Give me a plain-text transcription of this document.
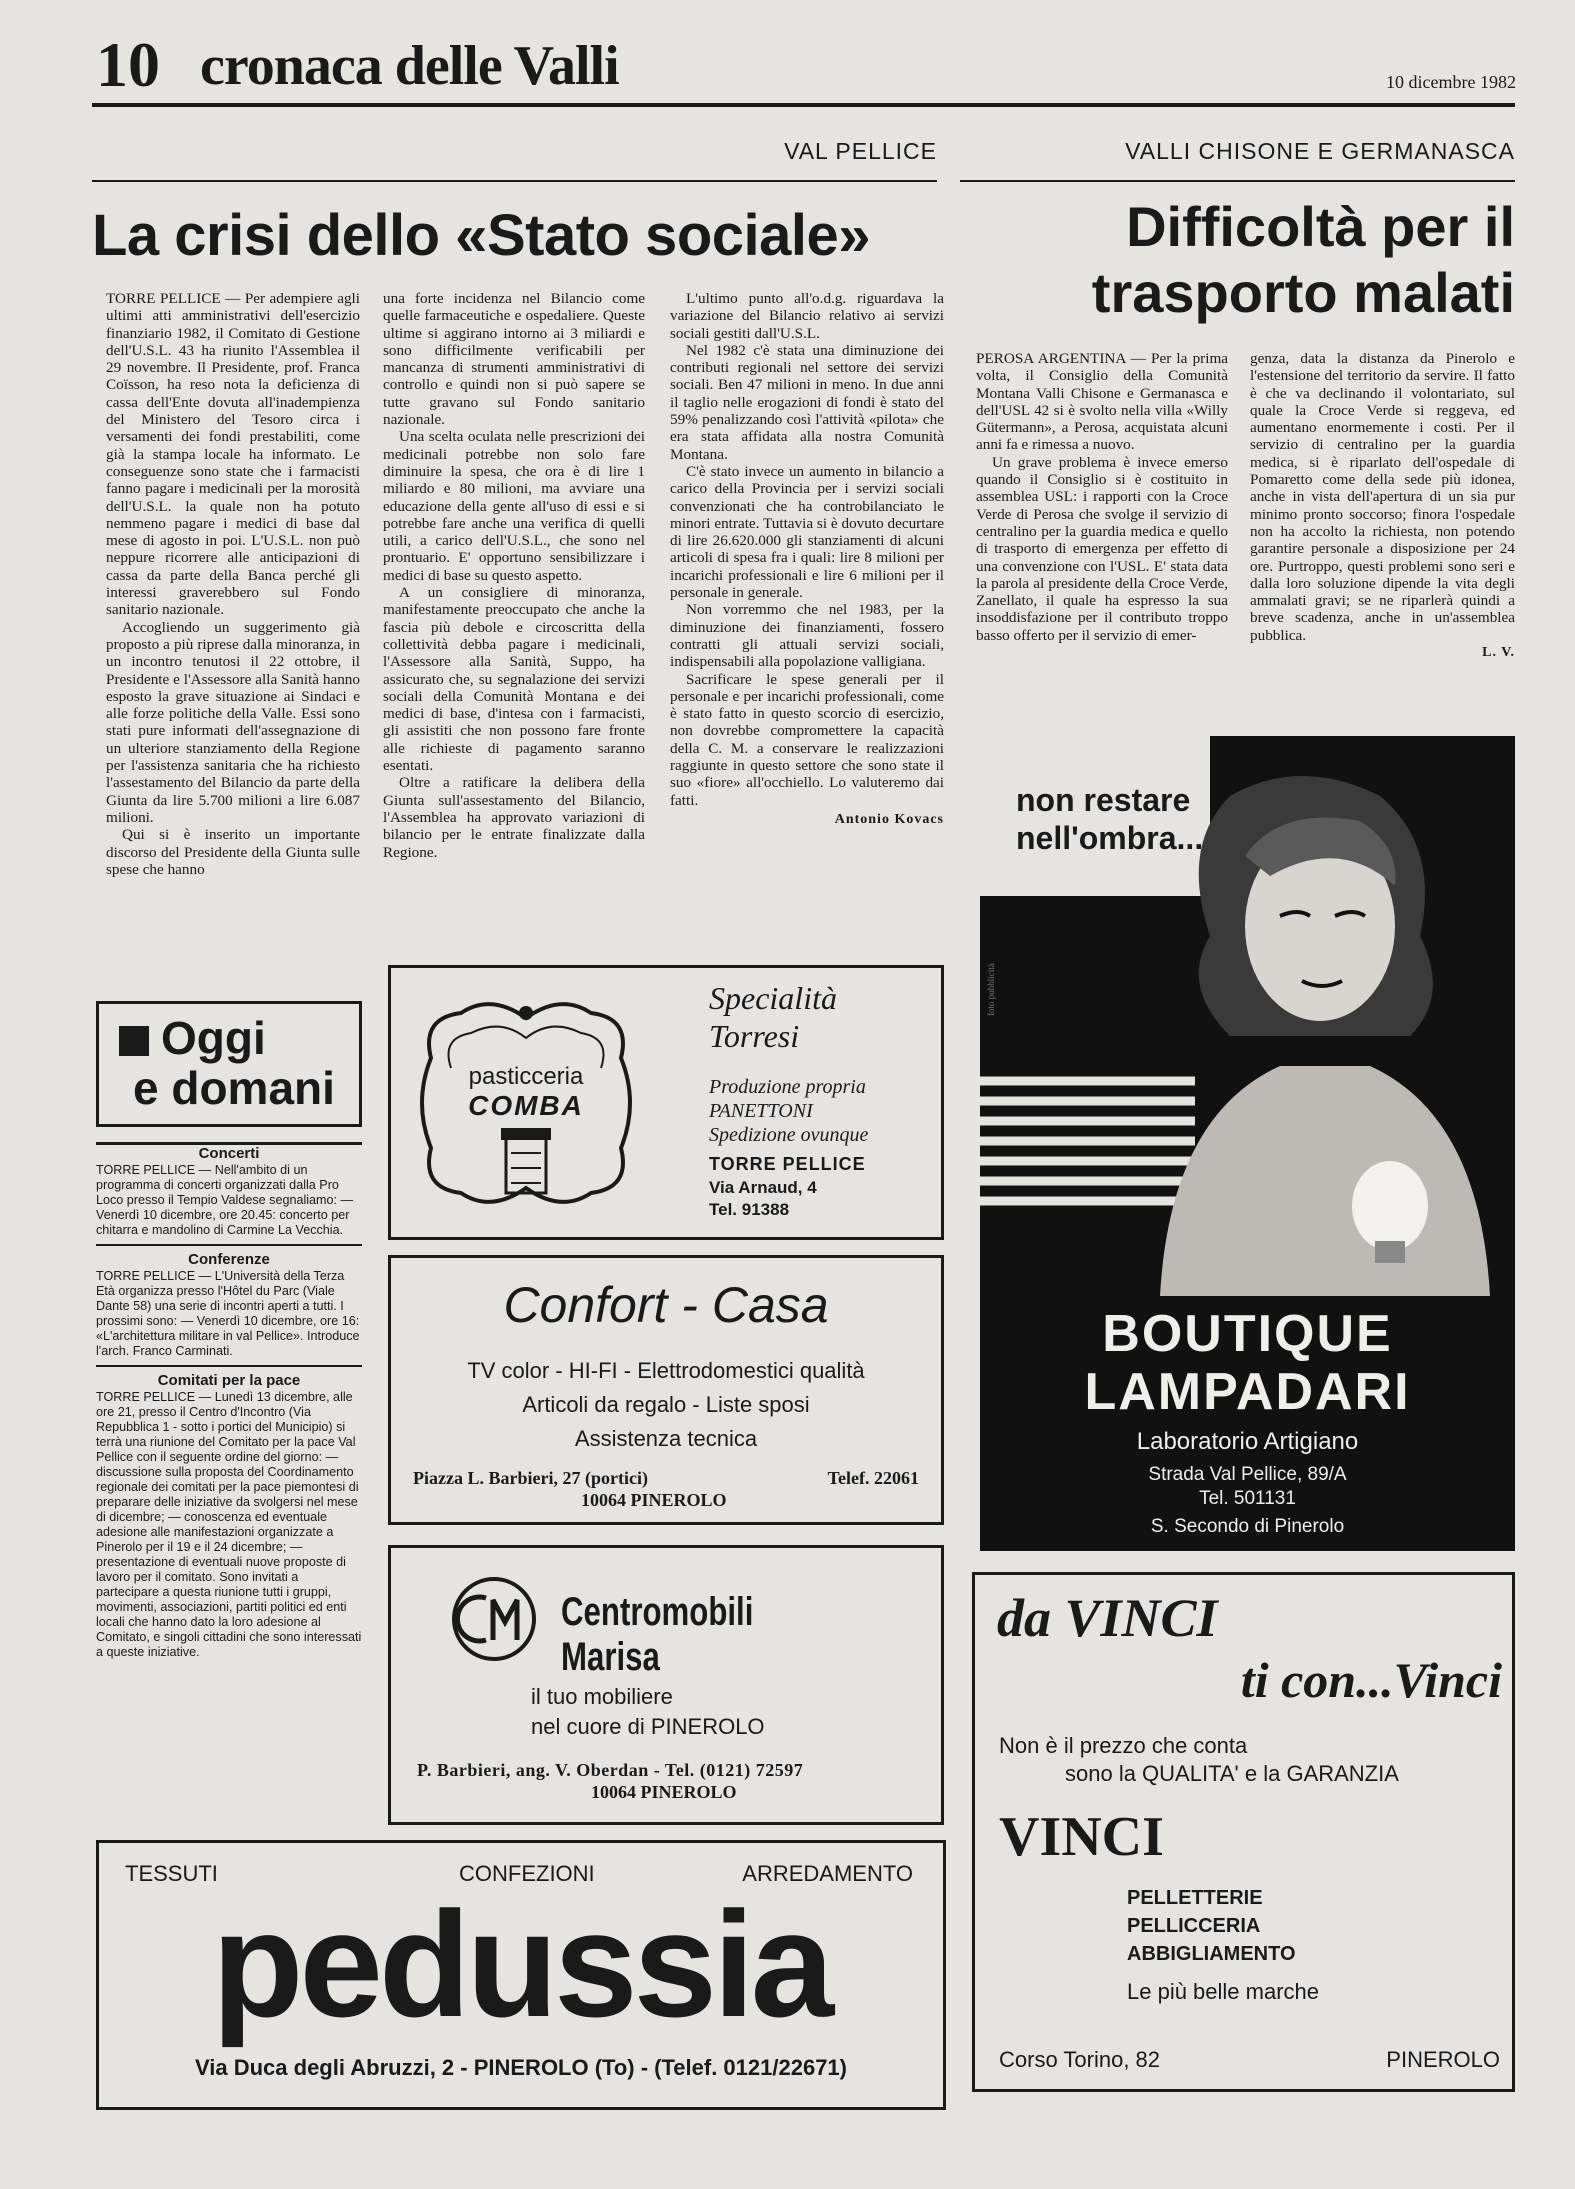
10 cronaca delle Valli	10 dicembre 1982
VAL PELLICE
La crisi dello «Stato sociale»

TORRE PELLICE — Per adempiere agli ultimi atti amministrativi dell'esercizio finanziario 1982, il Comitato di Gestione dell'U.S.L. 43 ha riunito l'Assemblea il 29 novembre. Il Presidente, prof. Franca Coïsson, ha reso nota la deficienza di cassa dell'Ente dovuta all'inadempienza del Ministero del Tesoro circa i versamenti dei fondi prestabiliti, come già la stampa locale ha informato. Le conseguenze sono state che i farmacisti fanno pagare i medicinali per la morosità dell'U.S.L. la quale non ha potuto nemmeno pagare i medici di base dal mese di agosto in poi. L'U.S.L. non può neppure ricorrere alle anticipazioni di cassa da parte della Banca perché gli interessi graverebbero sul Fondo sanitario nazionale.

Accogliendo un suggerimento già proposto a più riprese dalla minoranza, in un incontro tenutosi il 22 ottobre, il Presidente e l'Assessore alla Sanità hanno esposto la grave situazione ai Sindaci e alle forze politiche della Valle. Essi sono stati pure informati dell'assegnazione di un ulteriore stanziamento della Regione per l'assistenza sanitaria che ha richiesto l'assestamento del Bilancio da parte della Giunta da lire 5.700 milioni a lire 6.087 milioni.

Qui si è inserito un importante discorso del Presidente della Giunta sulle spese che hanno

una forte incidenza nel Bilancio come quelle farmaceutiche e ospedaliere. Queste ultime si aggirano intorno ai 3 miliardi e sono difficilmente verificabili per mancanza di strumenti amministrativi di controllo e quindi non si può sapere se tutte gravano sul Fondo sanitario nazionale.

Una scelta oculata nelle prescrizioni dei medicinali potrebbe non solo fare diminuire la spesa, che ora è di lire 1 miliardo e 80 milioni, ma avviare una educazione della gente all'uso di essi e si potrebbe fare anche una verifica di quelli utili, a carico dell'U.S.L., che sono nel prontuario. E' opportuno sensibilizzare i medici di base su questo aspetto.

A un consigliere di minoranza, manifestamente preoccupato che anche la fascia più debole e circoscritta della collettività debba pagare i medicinali, l'Assessore alla Sanità, Suppo, ha assicurato che, su segnalazione dei servizi sociali della Comunità Montana e dei medici di base, d'intesa con i farmacisti, gli assistiti che non possono fare fronte alle richieste di pagamento saranno esentati.

Oltre a ratificare la delibera della Giunta sull'assestamento del Bilancio, l'Assemblea ha approvato variazioni di bilancio per le entrate finalizzate dalla Regione.

L'ultimo punto all'o.d.g. riguardava la variazione del Bilancio relativo ai servizi sociali gestiti dall'U.S.L.

Nel 1982 c'è stata una diminuzione dei contributi regionali nel settore dei servizi sociali. Ben 47 milioni in meno. In due anni il taglio nelle erogazioni di fondi è stato del 59% penalizzando così l'attività «pilota» che era stata affidata alla nostra Comunità Montana.

C'è stato invece un aumento in bilancio a carico della Provincia per i servizi sociali convenzionati che ha controbilanciato le minori entrate. Tuttavia si è dovuto decurtare di lire 26.620.000 gli stanziamenti di alcuni articoli di spesa fra i quali: lire 8 milioni per incarichi professionali e lire 6 milioni per il personale in generale.

Non vorremmo che nel 1983, per la diminuzione dei finanziamenti, fossero contratti gli attuali servizi sociali, indispensabili alla popolazione valligiana.

Sacrificare le spese generali per il personale e per incarichi professionali, come è stato fatto in questo scorcio di esercizio, non dovrebbe compromettere la capacità della C. M. a conservare le realizzazioni raggiunte in questo settore che sono state il suo «fiore» all'occhiello. Lo valuteremo dai fatti.

Antonio Kovacs
VALLI CHISONE E GERMANASCA
Difficoltà per il
trasporto malati

PEROSA ARGENTINA — Per la prima volta, il Consiglio della Comunità Montana Valli Chisone e Germanasca e dell'USL 42 si è svolto nella villa «Willy Gütermann», a Perosa, acquistata alcuni anni fa e rimessa a nuovo.

Un grave problema è invece emerso quando il Consiglio si è costituito in assemblea USL: i rapporti con la Croce Verde di Perosa che svolge il servizio di centralino per la guardia medica e quello di trasporto di emergenza per effetto di una convenzione con l'USL. E' stata data la parola al presidente della Croce Verde, Zanellato, il quale ha espresso la sua insoddisfazione per il contributo troppo basso offerto per il servizio di emer-

genza, data la distanza da Pinerolo e l'estensione del territorio da servire. Il fatto è che va declinando il volontariato, sul quale la Croce Verde si reggeva, ed aumentano enormemente i costi. Per il servizio di centralino per la guardia medica, si è riparlato dell'ospedale di Pomaretto come della sede più idonea, anche in vista dell'apertura di un sia pur minimo pronto soccorso; finora l'ospedale non ha accolto la richiesta, non potendo garantire personale a disposizione per 24 ore. Purtroppo, questi problemi sono seri e dalla loro soluzione dipende la vita degli ammalati gravi; se ne riparlerà quindi a breve scadenza, anche in un'assemblea pubblica.

L. V.
Oggi
e domani
Concerti

TORRE PELLICE — Nell'ambito di un programma di concerti organizzati dalla Pro Loco presso il Tempio Valdese segnaliamo: — Venerdì 10 dicembre, ore 20.45: concerto per chitarra e mandolino di Carmine La Vecchia.

Conferenze

TORRE PELLICE — L'Università della Terza Età organizza presso l'Hôtel du Parc (Viale Dante 58) una serie di incontri aperti a tutti. I prossimi sono: — Venerdì 10 dicembre, ore 16: «L'architettura militare in val Pellice». Introduce l'arch. Franco Carminati.

Comitati per la pace

TORRE PELLICE — Lunedì 13 dicembre, alle ore 21, presso il Centro d'Incontro (Via Repubblica 1 - sotto i portici del Municipio) si terrà una riunione del Comitato per la pace Val Pellice con il seguente ordine del giorno: — discussione sulla proposta del Coordinamento regionale dei comitati per la pace piemontesi di preparare delle iniziative da svolgersi nel mese di dicembre; — conoscenza ed eventuale adesione alle manifestazioni organizzate a Pinerolo per il 19 e il 24 dicembre; — presentazione di eventuali nuove proposte di lavoro per il comitato. Sono invitati a partecipare a questa riunione tutti i gruppi, movimenti, associazioni, partiti politici ed enti locali che hanno dato la loro adesione al Comitato, e singoli cittadini che sono interessati a queste iniziative.

pasticceria
COMBA
Specialità
Torresi
Produzione propria
PANETTONI
Spedizione ovunque
TORRE PELLICE
Via Arnaud, 4
Tel. 91388
Confort - Casa
TV color - HI-FI - Elettrodomestici qualità
Articoli da regalo - Liste sposi
Assistenza tecnica
Piazza L. Barbieri, 27 (portici)	Telef. 22061
10064 PINEROLO
Centromobili Marisa
il tuo mobiliere
nel cuore di PINEROLO
P. Barbieri, ang. V. Oberdan - Tel. (0121) 72597
10064 PINEROLO
TESSUTI	CONFEZIONI	ARREDAMENTO
pedussia
Via Duca degli Abruzzi, 2 - PINEROLO (To) - (Telef. 0121/22671)
non restare
nell'ombra...
foto pubblicità
BOUTIQUE
LAMPADARI
Laboratorio Artigiano
Strada Val Pellice, 89/A
Tel. 501131
S. Secondo di Pinerolo
da VINCI
ti con...Vinci
Non è il prezzo che conta
sono la QUALITA' e la GARANZIA
VINCI
PELLETTERIE
PELLICCERIA
ABBIGLIAMENTO
Le più belle marche
Corso Torino, 82	PINEROLO
